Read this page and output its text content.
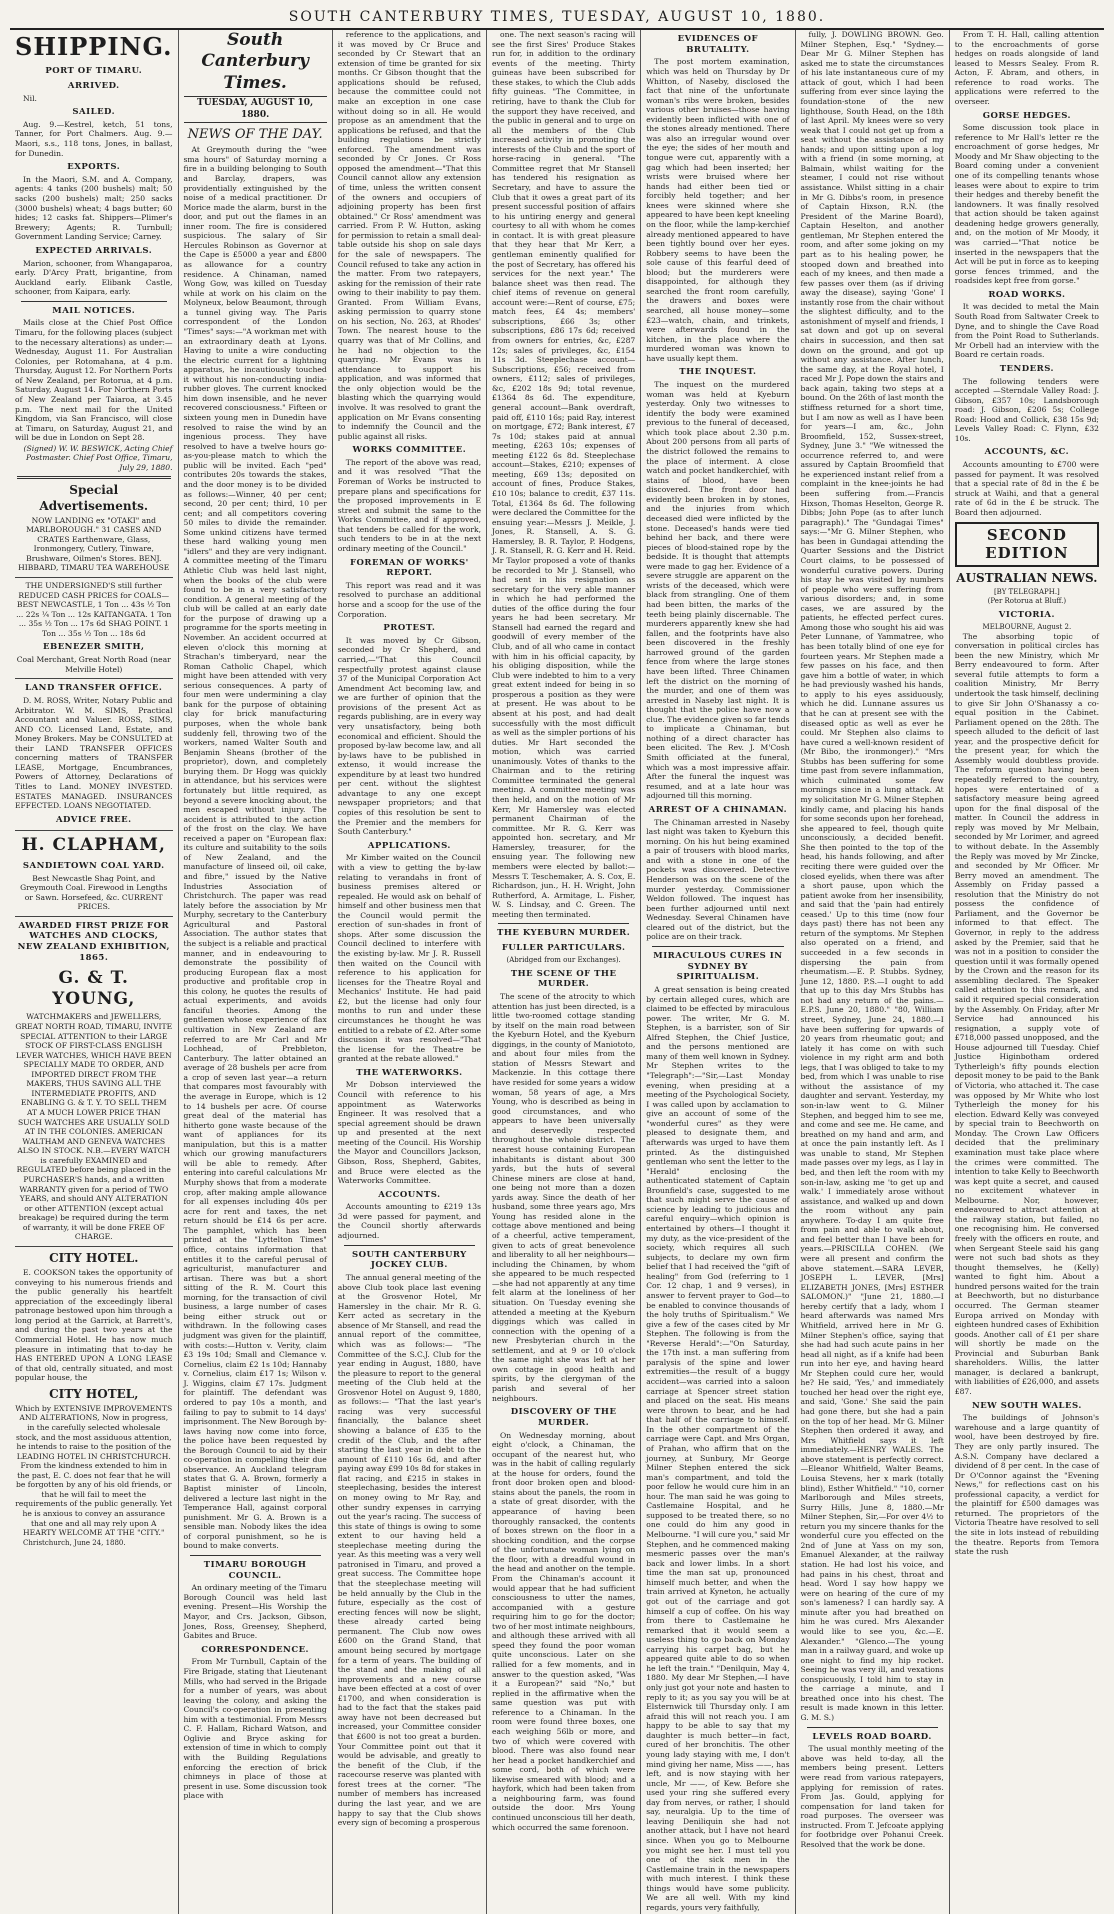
SOUTH CANTERBURY TIMES, TUESDAY, AUGUST 10, 1880.
SHIPPING.
PORT OF TIMARU.
ARRIVED.

Nil.

SAILED.

Aug. 9.—Kestrel, ketch, 51 tons, Tanner, for Port Chalmers. Aug. 9.—Maori, s.s., 118 tons, Jones, in ballast, for Dunedin.

EXPORTS.

In the Maori, S.M. and A. Company, agents: 4 tanks (200 bushels) malt; 50 sacks (200 bushels) malt; 250 sacks (3000 bushels) wheat; 4 bags butter; 60 hides; 12 casks fat. Shippers—Plimer's Brewery; Agents; R. Turnbull; Government Landing Service; Carney.

EXPECTED ARRIVALS.

Marion, schooner, from Whangaparoa, early. D'Arcy Pratt, brigantine, from Auckland early. Elibank Castle, schooner, from Kaipara, early.

MAIL NOTICES.

Mails close at the Chief Post Office Timaru, for the following places (subject to the necessary alterations) as under:— Wednesday, August 11. For Australian Colonies, per Rotomahana, at 4 p.m. Thursday, August 12. For Northern Ports of New Zealand, per Rotorua, at 4 p.m. Saturday, August 14. For Northern Ports of New Zealand per Taiaroa, at 3.45 p.m. The next mail for the United Kingdom, via San Francisco, will close at Timaru, on Saturday, August 21, and will be due in London on Sept 28.

(Signed) W. W. BESWICK, Acting Chief Postmaster. Chief Post Office, Timaru, July 29, 1880.

Special Advertisements.

NOW LANDING ex "OTAKI" and MARLBOROUGH." 31 CASES AND CRATES Earthenware, Glass, Ironmongery, Cutlery, Tinware, Brushware, Oilmen's Stores. BENJ. HIBBARD, TIMARU TEA WAREHOUSE

THE UNDERSIGNED'S still further REDUCED CASH PRICES for COALS— BEST NEWCASTLE, 1 Ton ... 43s ½ Ton ... 22s ¼ Ton ... 12s KAITANGATA. 1 Ton ... 35s ½ Ton ... 17s 6d SHAG POINT. 1 Ton ... 35s ½ Ton ... 18s 6d

EBENEZER SMITH,

Coal Merchant, Great North Road (near Melville Hotel)

LAND TRANSFER OFFICE.

D. M. ROSS, Writer, Notary Public and Arbitrator. W. M. SIMS, Practical Accountant and Valuer. ROSS, SIMS, AND CO. Licensed Land, Estate, and Money Brokers. May be CONSULTED at their LAND TRANSFER OFFICES concerning matters of TRANSFER LEASE, Mortgage, Encumbrances, Powers of Attorney, Declarations of Titles to Land. MONEY INVESTED. ESTATES MANAGED. INSURANCES EFFECTED. LOANS NEGOTIATED.

ADVICE FREE.
H. CLAPHAM,
SANDIETOWN COAL YARD.

Best Newcastle Shag Point, and Greymouth Coal. Firewood in Lengths or Sawn. Horsefeed, &c. CURRENT PRICES.

AWARDED FIRST PRIZE FOR WATCHES AND CLOCKS, NEW ZEALAND EXHIBITION, 1865.
G. & T. YOUNG,

WATCHMAKERS and JEWELLERS, GREAT NORTH ROAD, TIMARU, INVITE SPECIAL ATTENTION to their LARGE STOCK OF FIRST-CLASS ENGLISH LEVER WATCHES, WHICH HAVE BEEN SPECIALLY MADE TO ORDER, AND IMPORTED DIRECT FROM THE MAKERS, THUS SAVING ALL THE INTERMEDIATE PROFITS, AND ENABLING G. & T. Y. TO SELL THEM AT A MUCH LOWER PRICE THAN SUCH WATCHES ARE USUALLY SOLD AT IN THE COLONIES. AMERICAN WALTHAM AND GENEVA WATCHES ALSO IN STOCK. N.B.—EVERY WATCH is carefully EXAMINED and REGULATED before being placed in the PURCHASER'S hands, and a written WARRANTY given for a period of TWO YEARS, and should ANY ALTERATION or other ATTENTION (except actual breakage) be required during the term of warranty, it will be done FREE OF CHARGE.

CITY HOTEL.

E. COOKSON takes the opportunity of conveying to his numerous friends and the public generally his heartfelt appreciation of the exceedingly liberal patronage bestowed upon him through a long period at the Garrick, at Barrett's, and during the past two years at the Commercial Hotel. He has now much pleasure in intimating that to-day he HAS ENTERED UPON A LONG LEASE of that old, centrally situated, and most popular house, the

CITY HOTEL,

Which by EXTENSIVE IMPROVEMENTS AND ALTERATIONS, Now in progress, in the carefully selected wholesale stock, and the most assiduous attention, he intends to raise to the position of the LEADING HOTEL IN CHRISTCHURCH. From the kindness extended to him in the past, E. C. does not fear that he will be forgotten by any of his old friends, or that he will fail to meet the requirements of the public generally. Yet he is anxious to convey an assurance that one and all may rely upon A HEARTY WELCOME AT THE "CITY."

Christchurch, June 24, 1880.

South Canterbury Times.
TUESDAY, AUGUST 10, 1880.
NEWS OF THE DAY.

At Greymouth during the "wee sma hours" of Saturday morning a fire in a building belonging to South and Barclay, drapers, was providentially extinguished by the noise of a medical practitioner. Dr Morice made the alarm, burst in the door, and put out the flames in an inner room. The fire is considered suspicious. The salary of Sir Hercules Robinson as Governor at the Cape is £5000 a year and £800 as allowance for a country residence. A Chinaman, named Wong Gow, was killed on Tuesday while at work on his claim on the Molyneux, below Beaumont, through a tunnel giving way. The Paris correspondent of the London "Times" says:—"A workman met with an extraordinary death at Lyons. Having to unite a wire conducting the electric current for a lightning apparatus, he incautiously touched it without his non-conducting india-rubber gloves. The current knocked him down insensible, and he never recovered consciousness." Fifteen or sixteen young men in Dunedin have resolved to raise the wind by an ingenious process. They have resolved to have a twelve hours go-as-you-please match to which the public will be invited. Each "ped" contributes 20s towards the stakes, and the door money is to be divided as follows:—Winner, 40 per cent; second, 20 per cent; third, 10 per cent; and all competitors covering 50 miles to divide the remainder. Some unkind citizens have termed these hard walking young men "idlers" and they are very indignant. A committee meeting of the Timaru Athletic Club was held last night, when the books of the club were found to be in a very satisfactory condition. A general meeting of the club will be called at an early date for the purpose of drawing up a programme for the sports meeting in November. An accident occurred at eleven o'clock this morning at Strachan's timberyard, near the Roman Catholic Chapel, which might have been attended with very serious consequences. A party of four men were undermining a clay bank for the purpose of obtaining clay for brick manufacturing purposes, when the whole bank suddenly fell, throwing two of the workers, named Walter South and Benjamin Sheans (brother of the proprietor), down, and completely burying them. Dr Hogg was quickly in attendance, but his services were fortunately but little required, as beyond a severe knocking about, the men escaped without injury. The accident is attributed to the action of the frost on the clay. We have received a paper on "European flax: its culture and suitability to the soils of New Zealand, and the manufacture of linseed oil, oil cake, and fibre," issued by the Native Industries Association of Christchurch. The paper was read lately before the association by Mr Murphy, secretary to the Canterbury Agricultural and Pastoral Association. The author states that the subject is a reliable and practical manner, and in endeavouring to demonstrate the possibility of producing European flax a most productive and profitable crop in this colony, he quotes the results of actual experiments, and avoids fanciful theories. Among the gentlemen whose experience of flax cultivation in New Zealand are referred to are Mr Carl and Mr Lochhead, of Prebbleton, Canterbury. The latter obtained an average of 28 bushels per acre from a crop of seven last year—a return that compares most favourably with the average in Europe, which is 12 to 14 bushels per acre. Of course great deal of the material has hitherto gone waste because of the want of appliances for its manipulation, but this is a matter which our growing manufacturers will be able to remedy. After entering into careful calculations Mr Murphy shows that from a moderate crop, after making ample allowance for all expenses including 40s per acre for rent and taxes, the net return should be £14 6s per acre. The pamphlet, which has been printed at the "Lyttelton Times" office, contains information that entitles it to the careful perusal of agriculturist, manufacturer and artisan. There was but a short sitting of the R. M. Court this morning, for the transaction of civil business, a large number of cases being either struck out or withdrawn. In the following cases judgment was given for the plaintiff, with costs:—Hutton v. Verity, claim £3 19s 10d; Small and Clemance v. Cornelius, claim £2 1s 10d; Hannaby v. Cornelius, claim £17 1s; Wilson v. J. Wiggins, claim £7 17s. Judgment for plaintiff. The defendant was ordered to pay 10s a month, and failing to pay to submit to 14 days' imprisonment. The New Borough by-laws having now come into force, the police have been requested by the Borough Council to aid by their co-operation in compelling their due observance. An Auckland telegram states that G. A. Brown, formerly a Baptist minister of Lincoln, delivered a lecture last night in the Temperance Hall, against corporal punishment. Mr G. A. Brown is a sensible man. Nobody likes the idea of corporal punishment, so he is bound to make converts.

TIMARU BOROUGH COUNCIL.

An ordinary meeting of the Timaru Borough Council was held last evening. Present—His Worship the Mayor, and Crs. Jackson, Gibson, Jones, Ross, Greensey, Shepherd, Gabites and Bruce.

CORRESPONDENCE.

From Mr Turnbull, Captain of the Fire Brigade, stating that Lieutenant Mills, who had served in the Brigade for a number of years, was about leaving the colony, and asking the Council's co-operation in presenting him with a testimonial. From Messrs C. F. Hallam, Richard Watson, and Oglivie and Bryce asking for extension of time in which to comply with the Building Regulations enforcing the erection of brick chimneys in place of those at present in use. Some discussion took place with

reference to the applications, and it was moved by Cr Bruce and seconded by Cr Stewart that an extension of time be granted for six months. Cr Gibson thought that the applications should be refused, because the committee could not make an exception in one case without doing so in all. He would propose as an amendment that the applications be refused, and that the building regulations be strictly enforced. The amendment was seconded by Cr Jones. Cr Ross opposed the amendment—"That this Council cannot allow any extension of time, unless the written consent of the owners and occupiers of adjoining property has been first obtained." Cr Ross' amendment was carried. From P. W. Hutton, asking for permission to retain a small deal-table outside his shop on sale days for the sale of newspapers. The Council refused to take any action in the matter. From two ratepayers, asking for the remission of their rate owing to their inability to pay them. Granted. From William Evans, asking permission to quarry stone on his section, No. 263, at Rhodes' Town. The nearest house to the quarry was that of Mr Collins, and he had no objection to the quarrying. Mr Evans was in attendance to support his application, and was informed that the only objection would be the blasting which the quarrying would involve. It was resolved to grant the application on Mr Evans consenting to indemnify the Council and the public against all risks.

WORKS COMMITTEE.

The report of the above was read, and it was resolved "That the Foreman of Works be instructed to prepare plans and specifications for the proposed improvements in E street and submit the same to the Works Committee, and if approved, that tenders be called for the work, such tenders to be in at the next ordinary meeting of the Council."

FOREMAN OF WORKS' REPORT.

This report was read and it was resolved to purchase an additional horse and a scoop for the use of the Corporation.

PROTEST.

It was moved by Cr Gibson, seconded by Cr Shepherd, and carried,—"That this Council respectfully protest against clause 37 of the Municipal Corporation Act Amendment Act becoming law, and we are further of opinion that the provisions of the present Act as regards publishing, are in every way very unsatisfactory, being both economical and efficient. Should the proposed by-law become law, and all by-laws have to be published in extenso, it would increase the expenditure by at least two hundred per cent. without the slightest advantage to any one except newspaper proprietors; and that copies of this resolution be sent to the Premier and the members for South Canterbury."

APPLICATIONS.

Mr Kimber waited on the Council with a view to getting the by-law relating to verandahs in front of business premises altered or repealed. He would ask on behalf of himself and other business men that the Council would permit the erection of sun-shades in front of shops. After some discussion the Council declined to interfere with the existing by-law. Mr J. R. Russell then waited on the Council with reference to his application for licenses for the Theatre Royal and Mechanics' Institute. He had paid £2, but the license had only four months to run and under these circumstances he thought he was entitled to a rebate of £2. After some discussion it was resolved—"That the license for the Theatre be granted at the rebate allowed."

THE WATERWORKS.

Mr Dobson interviewed the Council with reference to his appointment as Waterworks Engineer. It was resolved that a special agreement should be drawn up and presented at the next meeting of the Council. His Worship the Mayor and Councillors Jackson, Gibson, Ross, Shepherd, Gabites, and Bruce were elected as the Waterworks Committee.

ACCOUNTS.

Accounts amounting to £219 13s 3d were passed for payment, and the Council shortly afterwards adjourned.

SOUTH CANTERBURY JOCKEY CLUB.

The annual general meeting of the above Club took place last evening at the Grosvenor Hotel, Mr Hamersley in the chair. Mr R. G. Kerr acted as secretary in the absence of Mr Stansell, and read the annual report of the committee, which was as follows:— "The Committee of the S.C.J. Club for the year ending in August, 1880, have the pleasure to report to the general meeting of the Club held at the Grosvenor Hotel on August 9, 1880, as follows:— "That the last year's racing was very successful financially, the balance sheet showing a balance of £35 to the credit of the Club, and the after starting the last year in debt to the amount of £110 16s 6d, and after paying away £99 10s 8d for stakes in flat racing, and £215 in stakes in steeplechasing, besides the interest on money owing to Mr Ray, and other sundry expenses in carrying out the year's racing. The success of this state of things is owing to some extent to our having held a steeplechase meeting during the year. As this meeting was a very well patronised in Timaru, and proved a great success. The Committee hope that the steeplechase meeting will be held annually by the Club in the future, especially as the cost of erecting fences will now be slight, these already carted being permanent. The Club now owes £600 on the Grand Stand, that amount being secured by mortgage for a term of years. The building of the stand and the making of all improvements and a new course have been effected at a cost of over £1700, and when consideration is had to the fact that the stakes paid away have not been decreased but increased, your Committee consider that £600 is not too great a burden. Your Committee point out that it would be advisable, and greatly to the benefit of the Club, if the racecourse reserve was planted with forest trees at the corner. "The number of members has increased during the last year, and we are happy to say that the Club shows every sign of becoming a prosperous

one. The next season's racing will see the first Sires' Produce Stakes run for, in addition to the ordinary events of the meeting. Thirty guineas have been subscribed for these stakes, to which the Club adds fifty guineas. "The Committee, in retiring, have to thank the Club for the support they have received, and the public in general and to urge on all the members of the Club increased activity in promoting the interests of the Club and the sport of horse-racing in general. "The Committee regret that Mr Stansell has tendered his resignation as Secretary, and have to assure the Club that it owes a great part of its present successful position of affairs to his untiring energy and general courtesy to all with whom he comes in contact. It is with great pleasure that they hear that Mr Kerr, a gentleman eminently qualified for the post of Secretary, has offered his services for the next year." The balance sheet was then read. The chief items of revenue on general account were:—Rent of course, £75; match fees, £4 4s; members' subscriptions, £66 3s; other subscriptions, £86 17s 6d; received from owners for entries, &c, £287 12s; sales of privileges, &c, £154 11s 3d. Steeplechase account—Subscriptions, £56; received from owners, £112; sales of privileges, &c, £202 18s 9d; total revenue, £1364 8s 6d. The expenditure, general account—Bank overdraft, paid off, £110 16s; paid Ray, interest on mortgage, £72; Bank interest, £7 7s 10d; stakes paid at annual meeting, £263 10s; expenses of meeting £122 6s 8d. Steeplechase account—Stakes, £210; expenses of meeting, £69 13s; deposited on account of fines, Produce Stakes, £10 10s; balance to credit, £37 11s. Total, £1364 8s 6d. The following were declared the Committee for the ensuing year:—Messrs J. Meikle, J. Jones, R. Stansell, A. S. G. Hamersley, B. R. Taylor, P. Hodgens, J. R. Stansell, R. G. Kerr and H. Reid. Mr Taylor proposed a vote of thanks be recorded to Mr J. Stansell, who had sent in his resignation as secretary for the very able manner in which he had performed the duties of the office during the four years he had been secretary. Mr Stansell had earned the regard and goodwill of every member of the Club, and of all who came in contact with him in his official capacity, by his obliging disposition, while the Club were indebted to him to a very great extent indeed for being in so prosperous a position as they were at present. He was about to be absent at his post, and had dealt successfully with the most difficult as well as the simpler portions of his duties. Mr Hart seconded the motion, which was carried unanimously. Votes of thanks to the Chairman and to the retiring Committee terminated the general meeting. A committee meeting was then held, and on the motion of Mr Kerr, Mr Hamersley was elected permanent Chairman of the committee. Mr R. G. Kerr was appointed hon. secretary, and Mr Hamersley, treasurer, for the ensuing year. The following new members were elected by ballot:—Messrs T. Teschemaker, A. S. Cox, E. Richardson, jun., H. H. Wright, John Rutherford, A. Armitage, L. Fisher, W. S. Lindsay, and C. Green. The meeting then terminated.

THE KYEBURN MURDER.
FULLER PARTICULARS.
(Abridged from our Exchanges).
THE SCENE OF THE MURDER.

The scene of the atrocity to which attention has just been directed, is a little two-roomed cottage standing by itself on the main road between the Kyeburn Hotel, and the Kyeburn diggings, in the county of Maniototo, and about four miles from the station of Messrs Stewart and Mackenzie. In this cottage there have resided for some years a widow woman, 58 years of age, a Mrs Young, who is described as being in good circumstances, and who appears to have been universally and deservedly respected throughout the whole district. The nearest house containing European inhabitants is distant about 300 yards, but the huts of several Chinese miners are close at hand, one being not more than a dozen yards away. Since the death of her husband, some three years ago, Mrs Young has resided alone in the cottage above mentioned and being of a cheerful, active temperament, given to acts of great benevolence and liberality to all her neighbours—including the Chinamen, by whom she appeared to be much respected—she had not apparently at any time felt alarm at the loneliness of her situation. On Tuesday evening she attended a meeting at the Kyeburn diggings which was called in connection with the opening of a new Presbyterian church in the settlement, and at 9 or 10 o'clock the same night she was left at her own cottage in good health and spirits, by the clergyman of the parish and several of her neighbours.

DISCOVERY OF THE MURDER.

On Wednesday morning, about eight o'clock, a Chinaman, the occupant of the nearest hut, who was in the habit of calling regularly at the house for orders, found the front door broken open and blood-stains about the panels, the room in a state of great disorder, with the appearance of having been thoroughly ransacked, the contents of boxes strewn on the floor in a shocking condition, and the corpse of the unfortunate woman lying on the floor, with a dreadful wound in the head and another on the temple. From the Chinaman's account it would appear that he had sufficient consciousness to utter the names, accompanied with a gesture requiring him to go for the doctor; two of her most intimate neighbours, and although these arrived with all speed they found the poor woman quite unconscious. Later on she rallied for a few moments, and in answer to the question asked, "Was it a European?" said "No," but replied in the affirmative when the same question was put with reference to a Chinaman. In the room were found three boxes, one each weighing 56lb or more, and two of which were covered with blood. There was also found near her head a pocket handkerchief and some cord, both of which were likewise smeared with blood; and a hayfork, which had been taken from a neighbouring farm, was found outside the door. Mrs Young continued unconscious till her death, which occurred the same forenoon.

EVIDENCES OF BRUTALITY.

The post mortem examination, which was held on Thursday by Dr Whitton, of Naseby, disclosed the fact that nine of the unfortunate woman's ribs were broken, besides various other bruises—those having evidently been inflicted with one of the stones already mentioned. There was also an irregular wound over the eye; the sides of her mouth and tongue were cut, apparently with a gag which had been inserted; her wrists were bruised where her hands had either been tied or forcibly held together; and her knees were skinned where she appeared to have been kept kneeling on the floor, while the lamp-kerchief already mentioned appeared to have been tightly bound over her eyes. Robbery seems to have been the sole cause of this fearful deed of blood; but the murderers were disappointed, for although they searched the front room carefully, the drawers and boxes were searched, all house money—some £23—watch, chain, and trinkets, were afterwards found in the kitchen, in the place where the murdered woman was known to have usually kept them.

THE INQUEST.

The inquest on the murdered woman was held at Kyeburn yesterday. Only two witnesses to identify the body were examined previous to the funeral of deceased, which took place about 2.30 p.m. About 200 persons from all parts of the district followed the remains to the place of interment. A close watch and pocket handkerchief, with stains of blood, have been discovered. The front door had evidently been broken in by stones, and the injuries from which deceased died were inflicted by the stone. Deceased's hands were tied behind her back, and there were pieces of blood-stained rope by the bedside. It is thought that attempts were made to gag her. Evidence of a severe struggle are apparent on the wrists of the deceased, which were black from strangling. One of them had been bitten, the marks of the teeth being plainly discernable. The murderers apparently knew she had fallen, and the footprints have also been discovered in the freshly harrowed ground of the garden fence from where the large stones have been lifted. Three Chinamen left the district on the morning of the murder, and one of them was arrested in Naseby last night. It is thought that the police have now a clue. The evidence given so far tends to implicate a Chinaman, but nothing of a direct character has been elicited. The Rev. J. M'Cosh Smith officiated at the funeral, which was a most impressive affair. After the funeral the inquest was resumed, and at a late hour was adjourned till this morning.

ARREST OF A CHINAMAN.

The Chinaman arrested in Naseby last night was taken to Kyeburn this morning. On his hut being examined a pair of trousers with blood marks, and with a stone in one of the pockets was discovered. Detective Henderson was on the scene of the murder yesterday. Commissioner Weldon followed. The inquest has been further adjourned until next Wednesday. Several Chinamen have cleared out of the district, but the police are on their track.

MIRACULOUS CURES IN SYDNEY BY SPIRITUALISM.

A great sensation is being created by certain alleged cures, which are claimed to be effected by miraculous power. The writer, Mr G. M. Stephen, is a barrister, son of Sir Alfred Stephen, the Chief Justice, and the persons mentioned are many of them well known in Sydney. Mr Stephen writes to the "Telegraph":—"Sir,—Last Monday evening, when presiding at a meeting of the Psychological Society, I was called upon by acclamation to give an account of some of the "wonderful cures" as they were pleased to designate them, and afterwards was urged to have them printed. As the distinguished gentleman who sent the letter to the "Herald" enclosing the authenticated statement of Captain Brounfield's case, suggested to me that such might serve the cause of science by leading to judicious and careful enquiry—which opinion is entertained by others—I thought it my duty, as the vice-president of the society, which requires all such subjects, to declare my own firm belief that I had received the "gift of healing" from God (referring to 1 Cor. 12 chap, 1 and 9 verses), in answer to fervent prayer to God—to be enabled to convince thousands of the holy truths of Spiritualism." We give a few of the cases cited by Mr Stephen. The following is from the "Reverse Herald":—"On Saturday, the 17th inst. a man suffering from paralysis of the spine and lower extremities—the result of a buggy accident—was carried into a saloon carriage at Spencer street station and placed on the seat. His means were thrown to bear, and he had that half of the carriage to himself. In the other compartment of the carriage were Capt. and Mrs Organ, of Prahan, who affirm that on the journey, at Sunbury, Mr George Milner Stephen entered the sick man's compartment, and told the poor fellow he would cure him in an hour. The man said he was going to Castlemaine Hospital, and he supposed to be treated there, so no one could do him any good in Melbourne. "I will cure you," said Mr Stephen, and he commenced making mesmeric passes over the man's back and lower limbs. In a short time the man sat up, pronounced himself much better, and when the train arrived at Kyneton, he actually got out of the carriage and got himself a cup of coffee. On his way from there to Castlemaine he remarked that it would seem a useless thing to go back on Monday carrying his carpet bag, but he appeared quite able to do so when he left the train." "Denilquin, May 4, 1880. My dear Mr Stephen,—I have only just got your note and hasten to reply to it; as you say you will be at Elsternwick till Thursday only. I am afraid this will not reach you. I am happy to be able to say that my daughter is much better—in fact, cured of her bronchitis. The other young lady staying with me, I don't mind giving her name, Miss ——, has left, and is now staying with her uncle, Mr ——, of Kew. Before she used your ring she suffered every day from nerves, or rather, I should say, neuralgia. Up to the time of leaving Deniliquin she had not another attack, but I have not heard since. When you go to Melbourne you might see her. I must tell you one of the sick men in the Castlemaine train in the newspapers with much interest. I think these things would have some publicity. We are all well. With my kind regards, yours very faithfully,

fully, J. DOWLING BROWN. Geo. Milner Stephen, Esq." "Sydney.—Dear Mr G. Milner Stephen has asked me to state the circumstances of his late instantaneous cure of my attack of gout, which I had been suffering from ever since laying the foundation-stone of the new lighthouse, South Head, on the 18th of last April. My knees were so very weak that I could not get up from a seat without the assistance of my hands; and upon sitting upon a log with a friend (in some morning, at Balmain, whilst waiting for the steamer, I could not rise without assistance. Whilst sitting in a chair in Mr G. Dibbs's room, in presence of Captain Hixson, R.N. (the President of the Marine Board), Captain Heselton, and another gentleman, Mr Stephen entered the room, and after some joking on my part as to his healing power, he stooped down and breathed into each of my knees, and then made a few passes over them (as if driving away the disease), saying 'Gone' I instantly rose from the chair without the slightest difficulty, and to the astonishment of myself and friends, I sat down and got up on several chairs in succession, and then sat down on the ground, and got up without any assistance. After lunch, the same day, at the Royal hotel, I raced Mr J. Pope down the stairs and back again, taking two steps at a bound. On the 26th of last month the stiffness returned for a short time, but I am now as well as I have been for years—I am, &c., John Broomfield, 152, Sussex-street, Sydney, June 3." "We witnessed the occurrence referred to, and were assured by Captain Broomfield that he experienced instant relief from a complaint in the knee-joints he had been suffering from.—Francis Hixson, Thomas Heselton, George R. Dibbs; John Pope (as to after lunch paragraph)." The "Gundagai Times" says:—"Mr G. Milner Stephen, who has been in Gundagai attending the Quarter Sessions and the District Court claims, to be possessed of wonderful curative powers. During his stay he was visited by numbers of people who were suffering from various disorders; and, in some cases, we are assured by the patients, he effected perfect cures. Among those who sought his aid was Peter Lunnane, of Yammatree, who has been totally blind of one eye for fourteen years. Mr Stephen made a few passes on his face, and then gave him a bottle of water, in which he had previously washed his hands, to apply to his eyes assiduously, which he did. Lunnane assures us that he can at present see with the diseased optic as well as ever he could. Mr Stephen also claims to have cured a well-known resident of (Mr Bibo, the ironmonger)." "Mrs Stubbs has been suffering for some time past from severe inflammation, which culminated some few mornings since in a lung attack. At my solicitation Mr G. Milner Stephen kindly came, and placing his hands for some seconds upon her forehead, she appeared to feel, though quite unconsciously, a decided benefit. She then pointed to the top of the head, his hands following, and after reciting there were guided over the closed eyelids, when there was after a short pause, upon which the patient awoke from her insensibility, and said that the 'pain had entirely ceased.' Up to this time (now four days past) there has not been any return of the symptoms. Mr Stephen also operated on a friend, and succeeded in a few seconds in dispersing the pain from rheumatism.—E. P. Stubbs. Sydney, June 12, 1880. P.S.—I ought to add that up to this day Mrs Stubbs has not had any return of the pains.—E.P.S. June 20, 1880." "80, William street, Sydney, June 24, 1880.—I have been suffering for upwards of 20 years from rheumatic gout; and lately it has come on with such violence in my right arm and both legs, that I was obliged to take to my bed, from which I was unable to rise without the assistance of my daughter and servant. Yesterday, my son-in-law went to G. Milner Stephen, and begged him to see me, and come and see me. He came, and breathed on my hand and arm, and at once the pain instantly left. As I was unable to stand, Mr Stephen made passes over my legs, as I lay in bed, and then left the room with my son-in-law, asking me 'to get up and walk.' I immediately arose without assistance, and walked up and down the room without any pain anywhere. To-day I am quite free from pain and able to walk about, and feel better than I have been for years.—PRISCILLA COHEN. (We were all present and confirm the above statement.—SARA LEVER, JOSEPH L. LEVER, [Mrs] ELIZABETH JONES, [Mrs] ESTHER SALOMON.)" "June 21, 1880.—I hereby certify that a lady, whom I heard afterwards was named Mrs Whitfield, arrived here in Mr G. Milner Stephen's office, saying that she had had such acute pains in her head all night, as if a knife had been run into her eye, and having heard Mr Stephen could cure her, would he? He said, 'Yes,' and immediately touched her head over the right eye, and said, 'Gone.' She said the pain had gone there, but she had a pain on the top of her head. Mr G. Milner Stephen then ordered it away, and Mrs Whitfield says it left immediately.—HENRY WALES. The above statement is perfectly correct.—Eleanor Whitfield, Walter Beams, Louisa Stevens, her x mark (totally blind), Esther Whitfield." "10, corner Marlborough and Miles streets, Surry Hills, June 8, 1880.—Mr Milner Stephen, Sir,—For over 4½ to return you my sincere thanks for the wonderful cure you effected on the 2nd of June at Yass on my son, Emanuel Alexander, at the railway station. He had lost his voice, and had pains in his chest, throat and head. Word I say how happy we were on hearing of the cure of my son's lameness? I can hardly say. A minute after you had breathed on him he was cured. Mrs Alexander would like to see you, &c.—E. Alexander." "Glenco.—The young man in a railway guard, and woke up one night to find my hip rocket. Seeing he was very ill, and vexations conspicuously, I told him to stay in the carriage a minute, and I breathed once into his chest. The result is made known in this letter. G. M. S.)

LEVELS ROAD BOARD.

The usual monthly meeting of the above was held to-day, all the members being present. Letters were read from various ratepayers, applying for remission of rates. From Jas. Gould, applying for compensation for land taken for road purposes. The overseer was instructed. From T. Jefcoate applying for footbridge over Pohanui Creek. Resolved that the work be done.

From T. H. Hall, calling attention to the encroachments of gorse hedges on roads alongside of land leased to Messrs Sealey. From R. Acton, F. Abram, and others, in reference to road works. The applications were referred to the overseer.

GORSE HEDGES.

Some discussion took place in reference to Mr Hall's letter re the encroachment of gorse hedges, Mr Moody and Mr Shaw objecting to the Board coming under a convenient one of its compelling tenants whose leases were about to expire to trim their hedges and thereby benefit the landowners. It was finally resolved that action should be taken against deadening hedge growers generally, and, on the motion of Mr Moody, it was carried—"That notice be inserted in the newspapers that the Act will be put in force as to keeping gorse fences trimmed, and the roadsides kept free from gorse."

ROAD WORKS.

It was decided to metal the Main South Road from Saltwater Creek to Dyne, and to shingle the Cave Road from the Point Road to Sutherlands. Mr Orbell had an interview with the Board re certain roads.

TENDERS.

The following tenders were accepted —Sterndale Valley Road: J. Gibson, £357 10s; Landsborough road: J. Gibson, £206 5s; College Road: Hood and Collick, £38 15s 9d; Levels Valley Road: C. Flynn, £32 10s.

ACCOUNTS, &C.

Accounts amounting to £700 were passed for payment. It was resolved that a special rate of 8d in the £ be struck at Waihi, and that a general rate of 6d in the £ be struck. The Board then adjourned.

SECOND EDITION
AUSTRALIAN NEWS.
[BY TELEGRAPH.]
(Per Rotorua at Bluff.)
VICTORIA.
MELBOURNE, August 2.

The absorbing topic of conversation in political circles has been the new Ministry, which Mr Berry endeavoured to form. After several futile attempts to form a coalition Ministry, Mr Berry undertook the task himself, declining to give Sir John O'Shanassy a co-equal position in the Cabinet. Parliament opened on the 28th. The speech alluded to the deficit of last year, and the prospective deficit for the present year, for which the Assembly would doubtless provide. The reform question having been repeatedly referred to the country, hopes were entertained of a satisfactory measure being agreed upon for the final disposal of the matter. In Council the address in reply was moved by Mr Melbain, seconded by Mr Lorimer, and agreed to without debate. In the Assembly the Reply was moved by Mr Zincke, and seconded by Mr Officer. Mr Berry moved an amendment. The Assembly on Friday passed a resolution that the Ministry do not possess the confidence of Parliament, and the Governor be informed to that effect. The Governor, in reply to the address asked by the Premier, said that he was not in a position to consider the question until it was formally opened by the Crown and the reason for its assembling declared. The Speaker called attention to this remark, and said it required special consideration by the Assembly. On Friday, after Mr Service had announced his resignation, a supply vote of £718,000 passed unopposed, and the House adjourned till Tuesday. Chief Justice Higinbotham ordered Tytherleigh's fifty pounds election deposit money to be paid to the Bank of Victoria, who attached it. The case was opposed by Mr White who lost Tytherleigh the money for his election. Edward Kelly was conveyed by special train to Beechworth on Monday. The Crown Law Officers decided that the preliminary examination must take place where the crimes were committed. The intention to take Kelly to Beechworth was kept quite a secret, and caused no excitement whatever in Melbourne. Nor, however, endeavoured to attract attention at the railway station, but failed, no one recognising him. He conversed freely with the officers en route, and when Sergeant Steele said his gang were not such bad shots as they thought themselves, he (Kelly) wanted to fight him. About a hundred persons waited for the train at Beechworth, but no disturbance occurred. The German steamer Europa arrived on Monday with eighteen hundred cases of Exhibition goods. Another call of £1 per share will shortly be made on the Provincial and Suburban Bank shareholders. Willis, the latter manager, is declared a bankrupt, with liabilities of £26,000, and assets £87.

NEW SOUTH WALES.

The buildings of Johnson's warehouse and a large quantity of wool, have been destroyed by fire. They are only partly insured. The A.S.N. Company have declared a dividend of 8 per cent. In the case of Dr O'Connor against the "Evening News," for reflections cast on his professional capacity, a verdict for the plaintiff for £500 damages was returned. The proprietors of the Victoria Theatre have resolved to sell the site in lots instead of rebuilding the theatre. Reports from Temora state the rush
